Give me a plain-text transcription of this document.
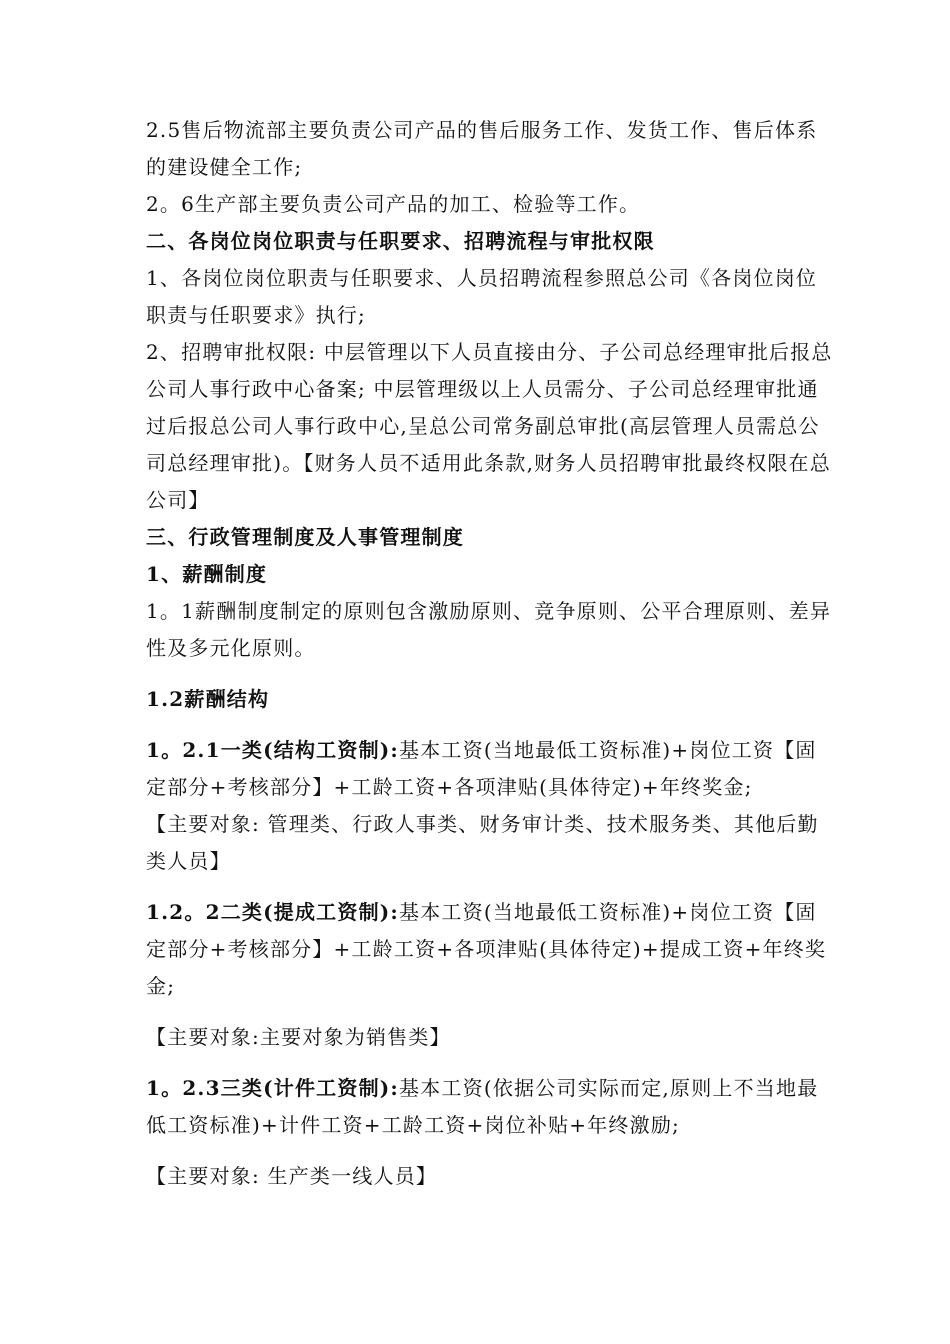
2.5售后物流部主要负责公司产品的售后服务工作、发货工作、售后体系的建设健全工作;

2。6生产部主要负责公司产品的加工、检验等工作。

二、各岗位岗位职责与任职要求、招聘流程与审批权限

1、各岗位岗位职责与任职要求、人员招聘流程参照总公司《各岗位岗位职责与任职要求》执行;

2、招聘审批权限: 中层管理以下人员直接由分、子公司总经理审批后报总公司人事行政中心备案; 中层管理级以上人员需分、子公司总经理审批通过后报总公司人事行政中心,呈总公司常务副总审批(高层管理人员需总公司总经理审批)。【财务人员不适用此条款,财务人员招聘审批最终权限在总公司】

三、行政管理制度及人事管理制度

1、薪酬制度

1。1薪酬制度制定的原则包含激励原则、竞争原则、公平合理原则、差异性及多元化原则。

1.2薪酬结构

1。2.1一类(结构工资制):基本工资(当地最低工资标准)+岗位工资【固定部分+考核部分】+工龄工资+各项津贴(具体待定)+年终奖金;

【主要对象: 管理类、行政人事类、财务审计类、技术服务类、其他后勤类人员】

1.2。2二类(提成工资制):基本工资(当地最低工资标准)+岗位工资【固定部分+考核部分】+工龄工资+各项津贴(具体待定)+提成工资+年终奖金;

【主要对象:主要对象为销售类】

1。2.3三类(计件工资制):基本工资(依据公司实际而定,原则上不当地最低工资标准)+计件工资+工龄工资+岗位补贴+年终激励;

【主要对象: 生产类一线人员】
